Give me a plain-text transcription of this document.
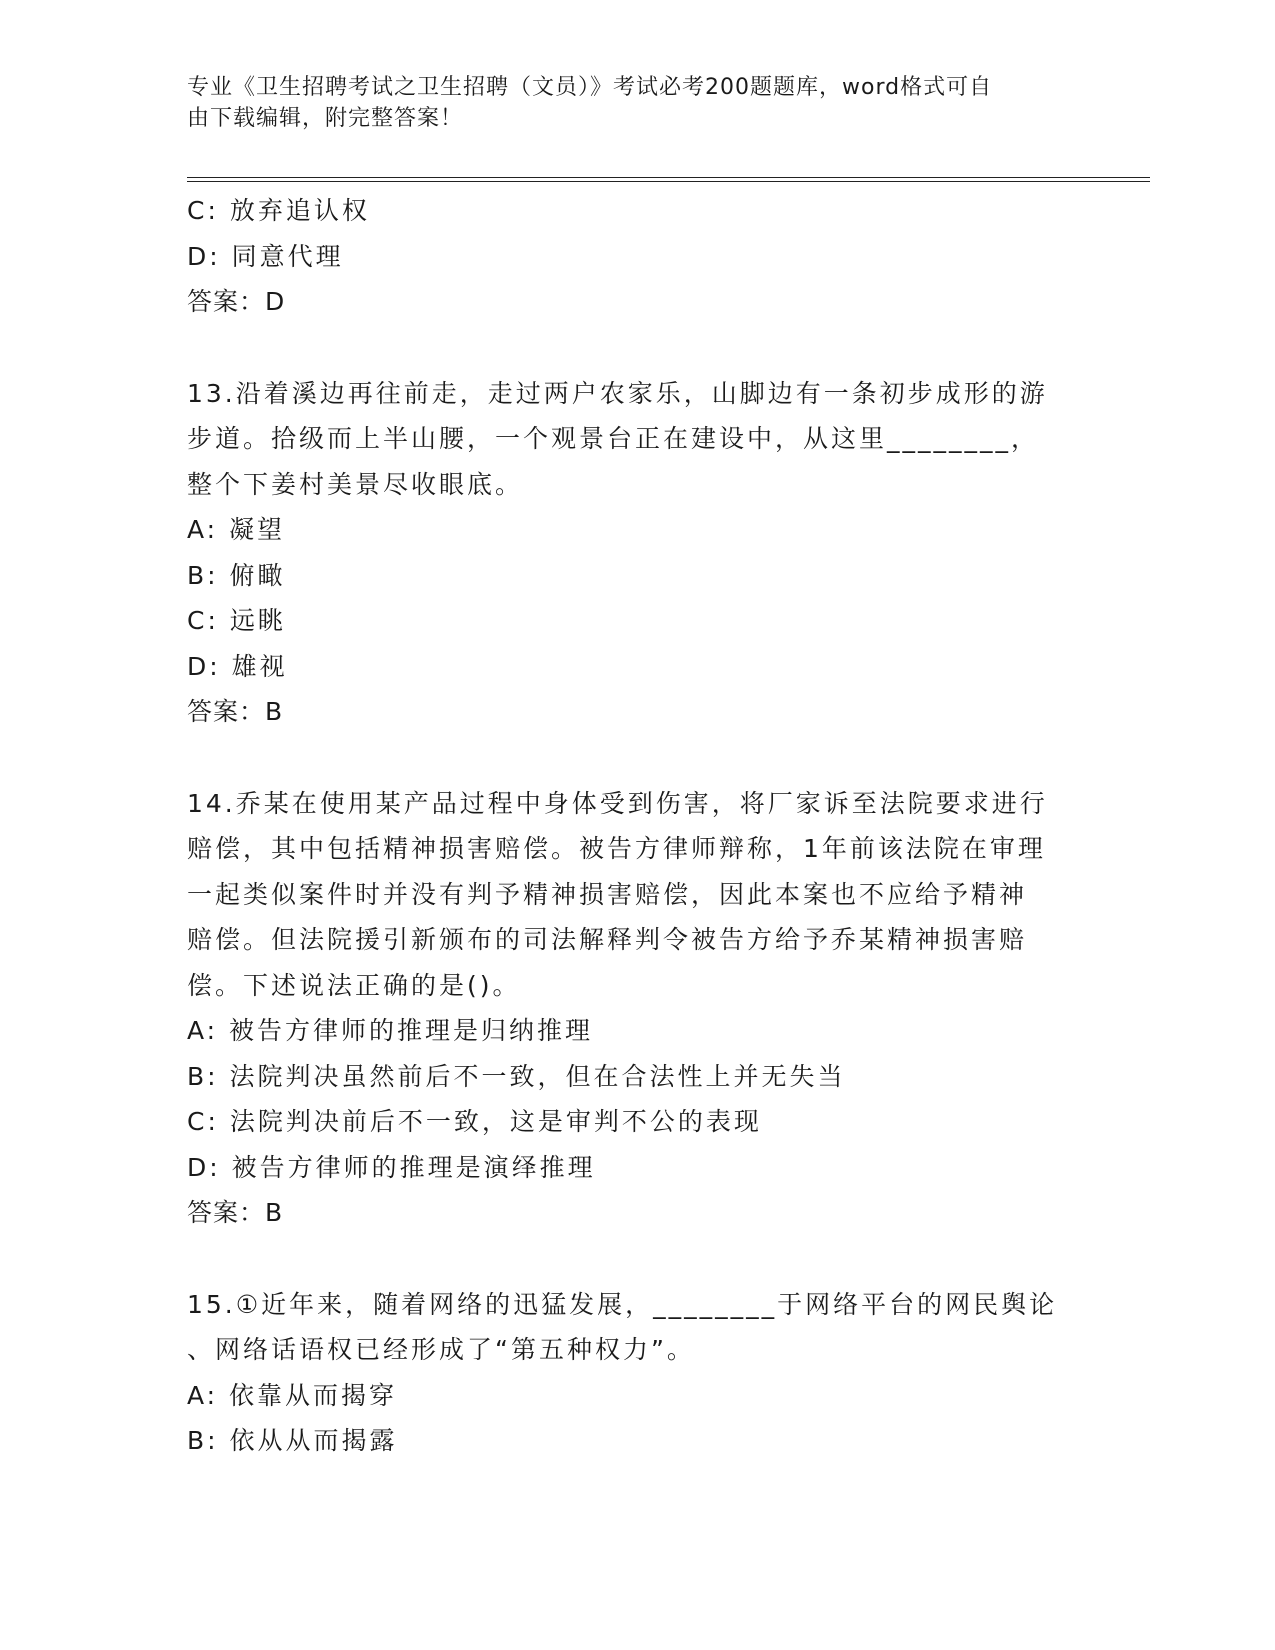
专业《卫生招聘考试之卫生招聘（文员）》考试必考200题题库，word格式可自
由下载编辑，附完整答案！
C: 放弃追认权
D: 同意代理
答案：D
13.沿着溪边再往前走，走过两户农家乐，山脚边有一条初步成形的游
步道。拾级而上半山腰，一个观景台正在建设中，从这里________，
整个下姜村美景尽收眼底。
A: 凝望
B: 俯瞰
C: 远眺
D: 雄视
答案：B
14.乔某在使用某产品过程中身体受到伤害，将厂家诉至法院要求进行
赔偿，其中包括精神损害赔偿。被告方律师辩称，1年前该法院在审理
一起类似案件时并没有判予精神损害赔偿，因此本案也不应给予精神
赔偿。但法院援引新颁布的司法解释判令被告方给予乔某精神损害赔
偿。下述说法正确的是()。
A: 被告方律师的推理是归纳推理
B: 法院判决虽然前后不一致，但在合法性上并无失当
C: 法院判决前后不一致，这是审判不公的表现
D: 被告方律师的推理是演绎推理
答案：B
15.①近年来，随着网络的迅猛发展，________于网络平台的网民舆论
、网络话语权已经形成了“第五种权力”。
A: 依靠从而揭穿
B: 依从从而揭露
